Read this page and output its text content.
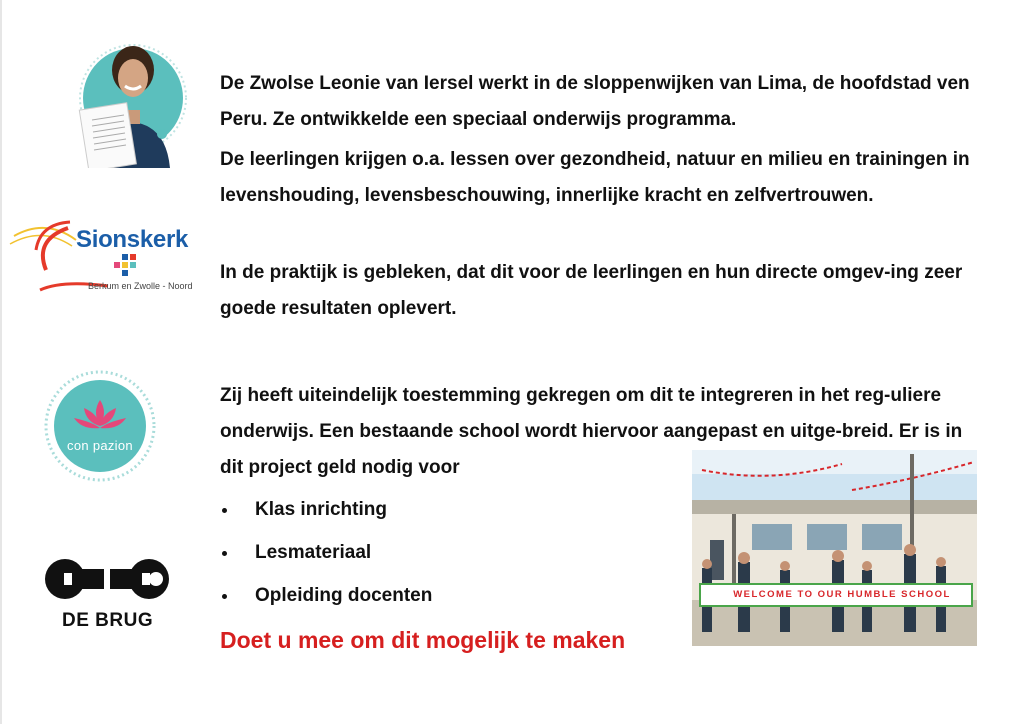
Sionskerk
Berkum en Zwolle - Noord
con pazion
DE BRUG

De Zwolse Leonie van Iersel werkt in de sloppenwijken van Lima, de hoofdstad ven Peru. Ze ontwikkelde een speciaal onderwijs programma.

De leerlingen krijgen o.a. lessen over gezondheid, natuur en milieu en trainingen in levenshouding, levensbeschouwing, innerlijke kracht en zelfvertrouwen.

In de praktijk is gebleken, dat dit voor de leerlingen en hun directe omgev-ing zeer goede resultaten oplevert.

Zij heeft uiteindelijk toestemming gekregen om dit te integreren in het reg-uliere onderwijs. Een bestaande school wordt hiervoor aangepast en uitge-breid. Er is in dit project geld nodig voor

Klas inrichting
Lesmateriaal
Opleiding docenten

Doet u mee om dit mogelijk te maken

WELCOME TO OUR HUMBLE SCHOOL
